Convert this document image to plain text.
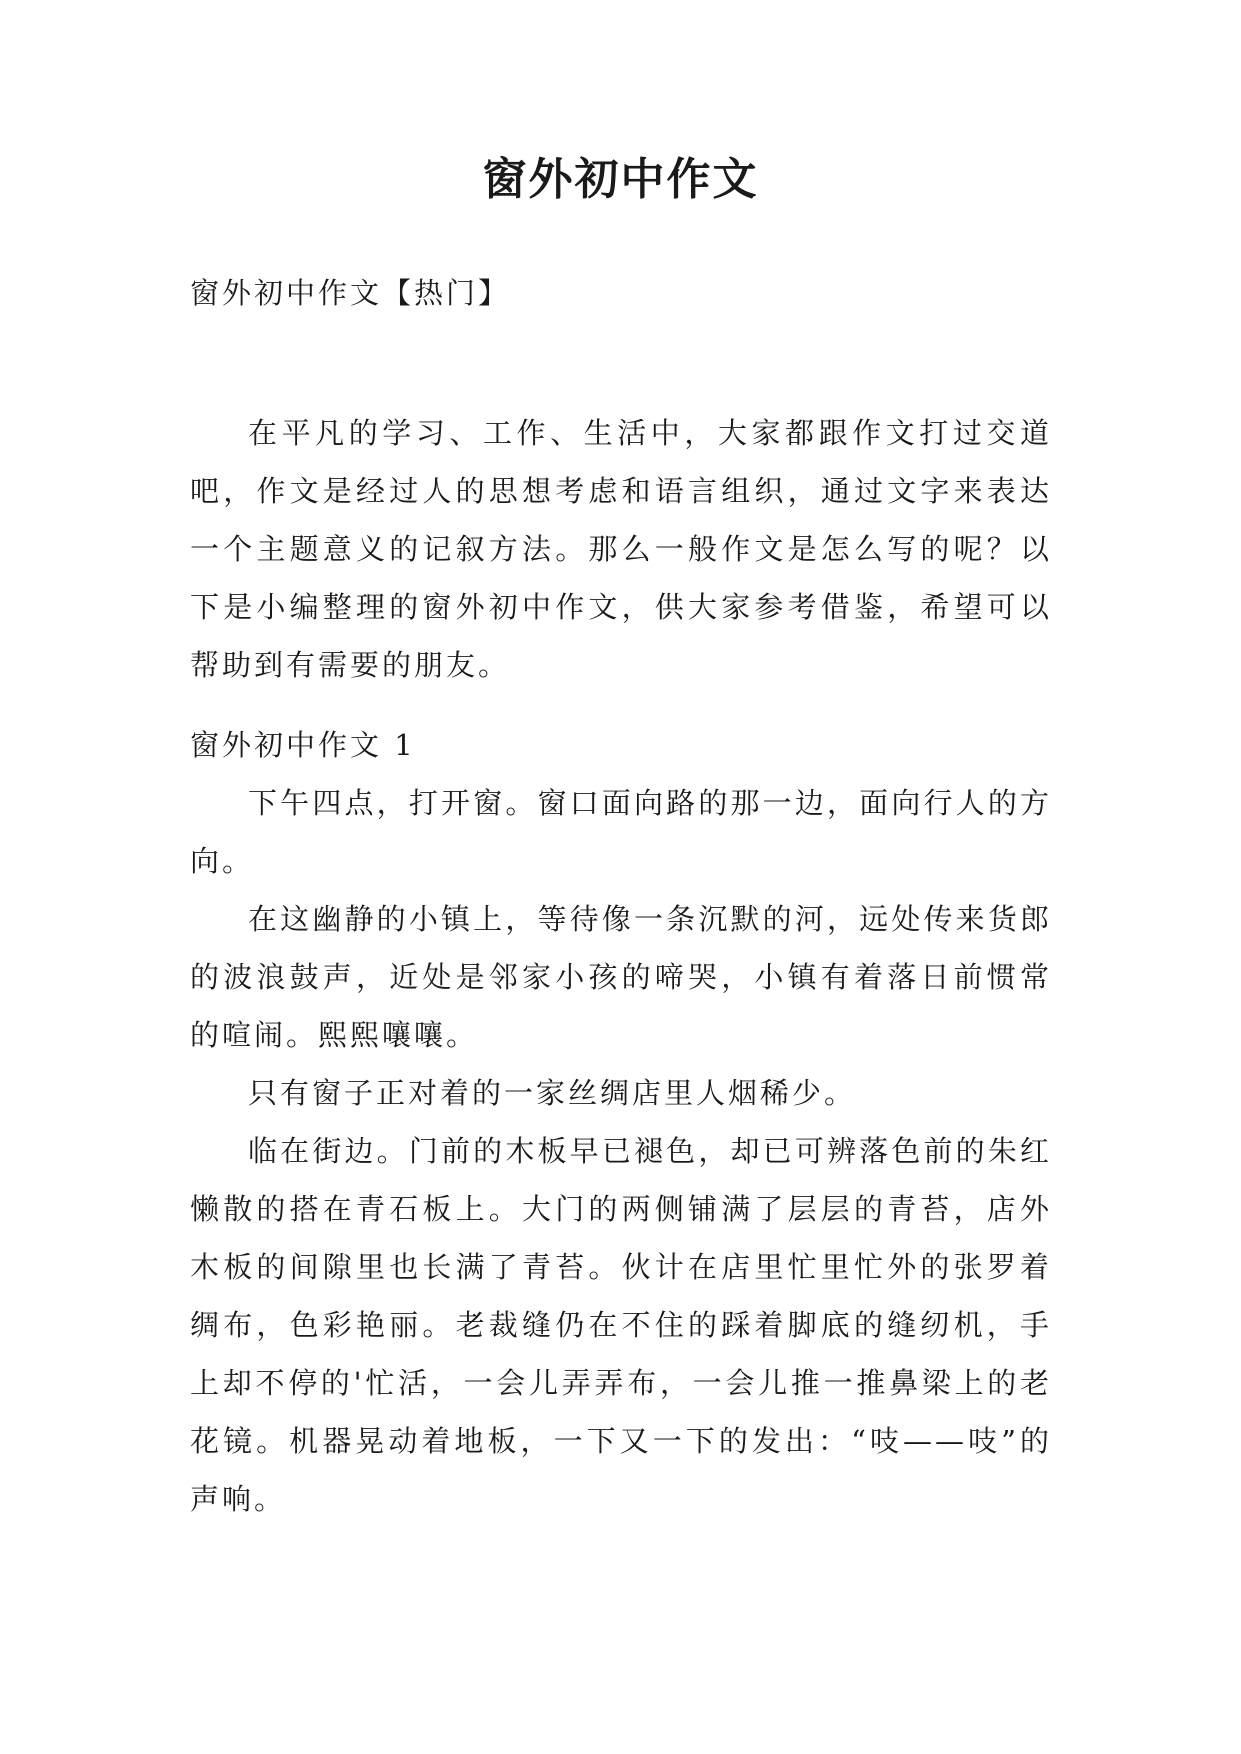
窗外初中作文

窗外初中作文【热门】

在平凡的学习、工作、生活中，大家都跟作文打过交道吧，作文是经过人的思想考虑和语言组织，通过文字来表达一个主题意义的记叙方法。那么一般作文是怎么写的呢？以下是小编整理的窗外初中作文，供大家参考借鉴，希望可以帮助到有需要的朋友。

窗外初中作文 1

下午四点，打开窗。窗口面向路的那一边，面向行人的方向。

在这幽静的小镇上，等待像一条沉默的河，远处传来货郎的波浪鼓声，近处是邻家小孩的啼哭，小镇有着落日前惯常的喧闹。熙熙嚷嚷。

只有窗子正对着的一家丝绸店里人烟稀少。

临在街边。门前的木板早已褪色，却已可辨落色前的朱红懒散的搭在青石板上。大门的两侧铺满了层层的青苔，店外木板的间隙里也长满了青苔。伙计在店里忙里忙外的张罗着绸布，色彩艳丽。老裁缝仍在不住的踩着脚底的缝纫机，手上却不停的'忙活，一会儿弄弄布，一会儿推一推鼻梁上的老花镜。机器晃动着地板，一下又一下的发出：“吱——吱”的声响。
